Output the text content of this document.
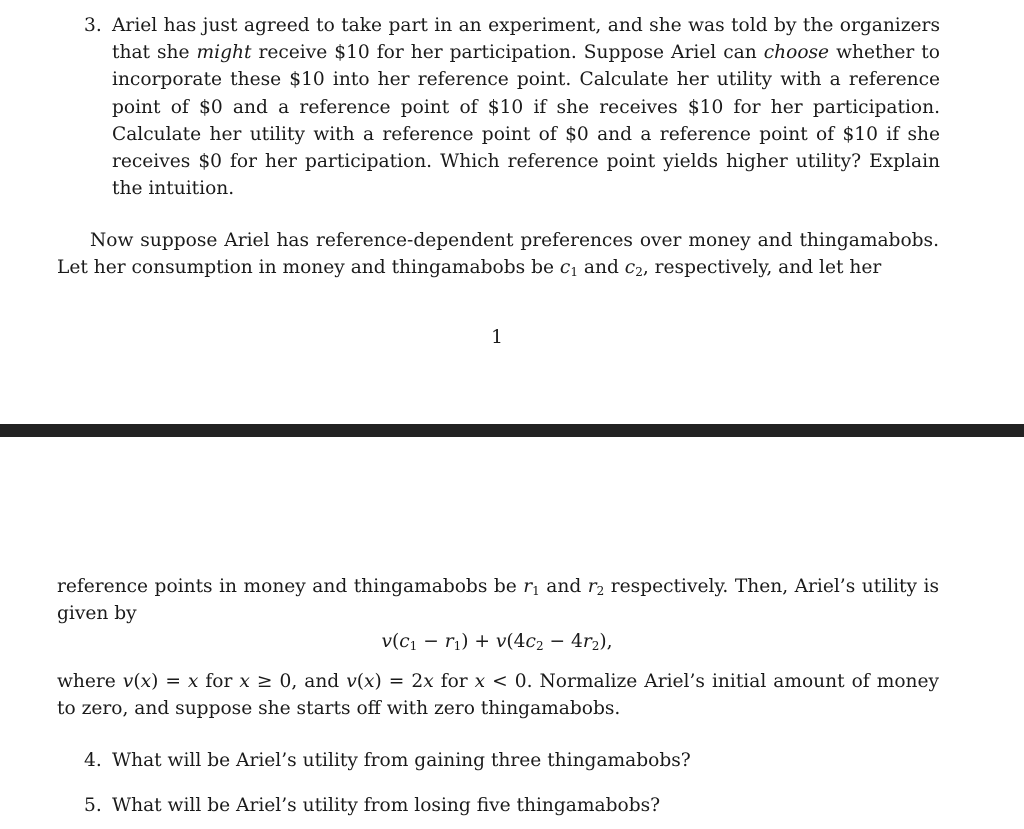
3. Ariel has just agreed to take part in an experiment, and she was told by the organizers that she might receive $10 for her participation. Suppose Ariel can choose whether to incorporate these $10 into her reference point. Calculate her utility with a reference point of $0 and a reference point of $10 if she receives $10 for her participation. Calculate her utility with a reference point of $0 and a reference point of $10 if she receives $0 for her participation. Which reference point yields higher utility? Explain the intuition.
Now suppose Ariel has reference-dependent preferences over money and thingamabobs. Let her consumption in money and thingamabobs be $c_1$ and $c_2$, respectively, and let her
1
reference points in money and thingamabobs be $r_1$ and $r_2$ respectively. Then, Ariel’s utility is given by
$v(c_1 - r_1) + v(4c_2 - 4r_2)$,
where v(x) = x for x ≥ 0, and v(x) = 2x for x < 0. Normalize Ariel’s initial amount of money to zero, and suppose she starts off with zero thingamabobs.
4. What will be Ariel’s utility from gaining three thingamabobs?
5. What will be Ariel’s utility from losing five thingamabobs?
